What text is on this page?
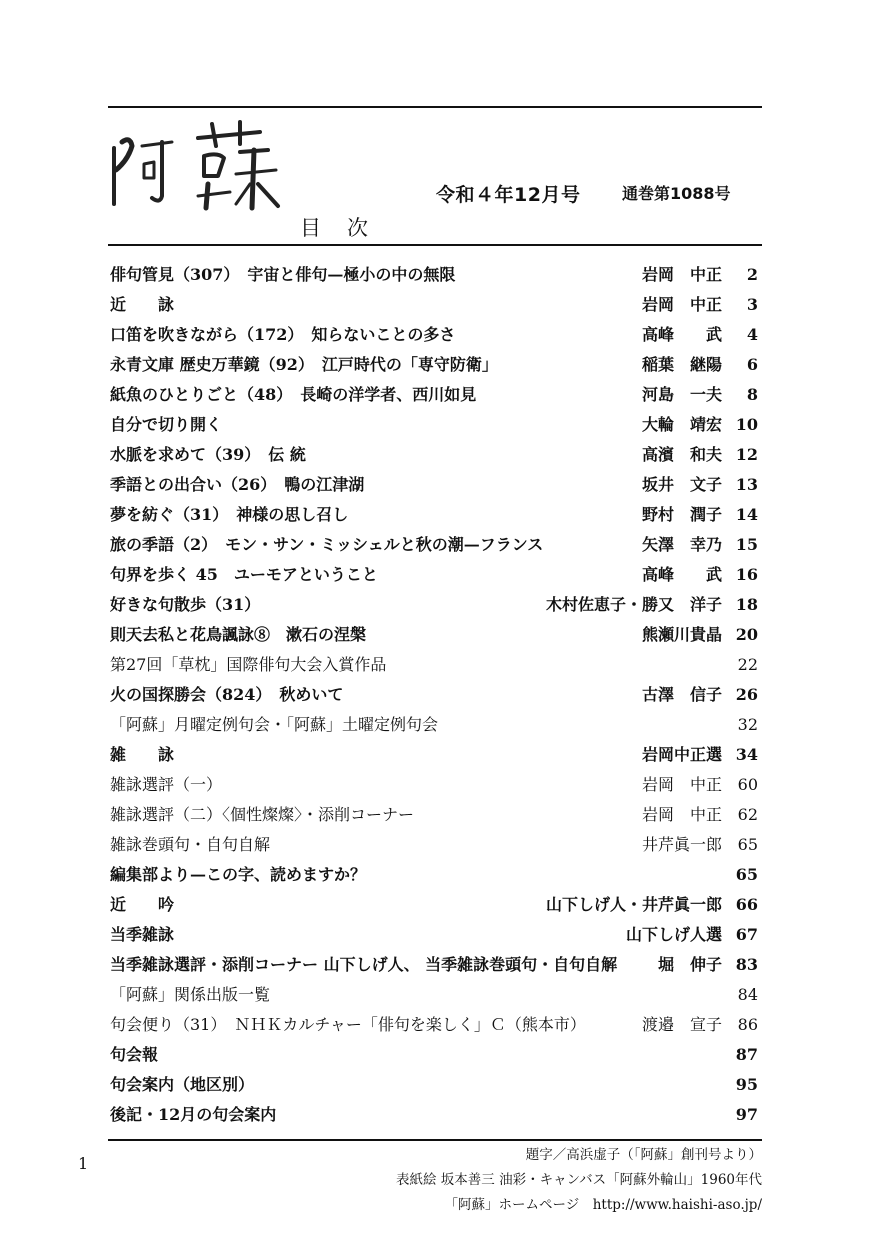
令和４年12月号	通巻第1088号
目次
俳句管見（307）　宇宙と俳句—極小の中の無限	岩岡　中正	2
近　　詠	岩岡　中正	3
口笛を吹きながら（172）　知らないことの多さ	高峰　　武	4
永青文庫 歴史万華鏡（92）　江戸時代の「専守防衛」	稲葉　継陽	6
紙魚のひとりごと（48）　長崎の洋学者、西川如見	河島　一夫	8
自分で切り開く	大輪　靖宏 10
水脈を求めて（39）　伝 統	高濱　和夫 12
季語との出合い（26）　鴨の江津湖	坂井　文子 13
夢を紡ぐ（31）　神様の思し召し	野村　潤子 14
旅の季語（2）　モン・サン・ミッシェルと秋の潮—フランス	矢澤　幸乃 15
句界を歩く 45　ユーモアということ	高峰　　武 16
好きな句散歩（31）	木村佐恵子・勝又　洋子 18
則天去私と花鳥諷詠⑧　漱石の涅槃	熊瀬川貴晶 20
第27回「草枕」国際俳句大会入賞作品	22
火の国探勝会（824）　秋めいて	古澤　信子 26
「阿蘇」月曜定例句会・「阿蘇」土曜定例句会	32
雑　　詠	岩岡中正選 34
雑詠選評（一）	岩岡　中正 60
雑詠選評（二）〈個性燦燦〉・添削コーナー	岩岡　中正 62
雑詠巻頭句・自句自解	井芹眞一郎 65
編集部より—この字、読めますか？	65
近　　吟	山下しげ人・井芹眞一郎 66
当季雑詠	山下しげ人選 67
当季雑詠選評・添削コーナー 山下しげ人、 当季雑詠巻頭句・自句自解	堀　伸子 83
「阿蘇」関係出版一覧	84
句会便り（31）　ＮＨＫカルチャー「俳句を楽しく」Ｃ（熊本市）	渡邉　宣子 86
句会報	87
句会案内（地区別）	95
後記・12月の句会案内	97
1	題字／高浜虚子（「阿蘇」創刊号より）
表紙絵 坂本善三 油彩・キャンバス「阿蘇外輪山」1960年代
「阿蘇」ホームページ　http://www.haishi-aso.jp/
